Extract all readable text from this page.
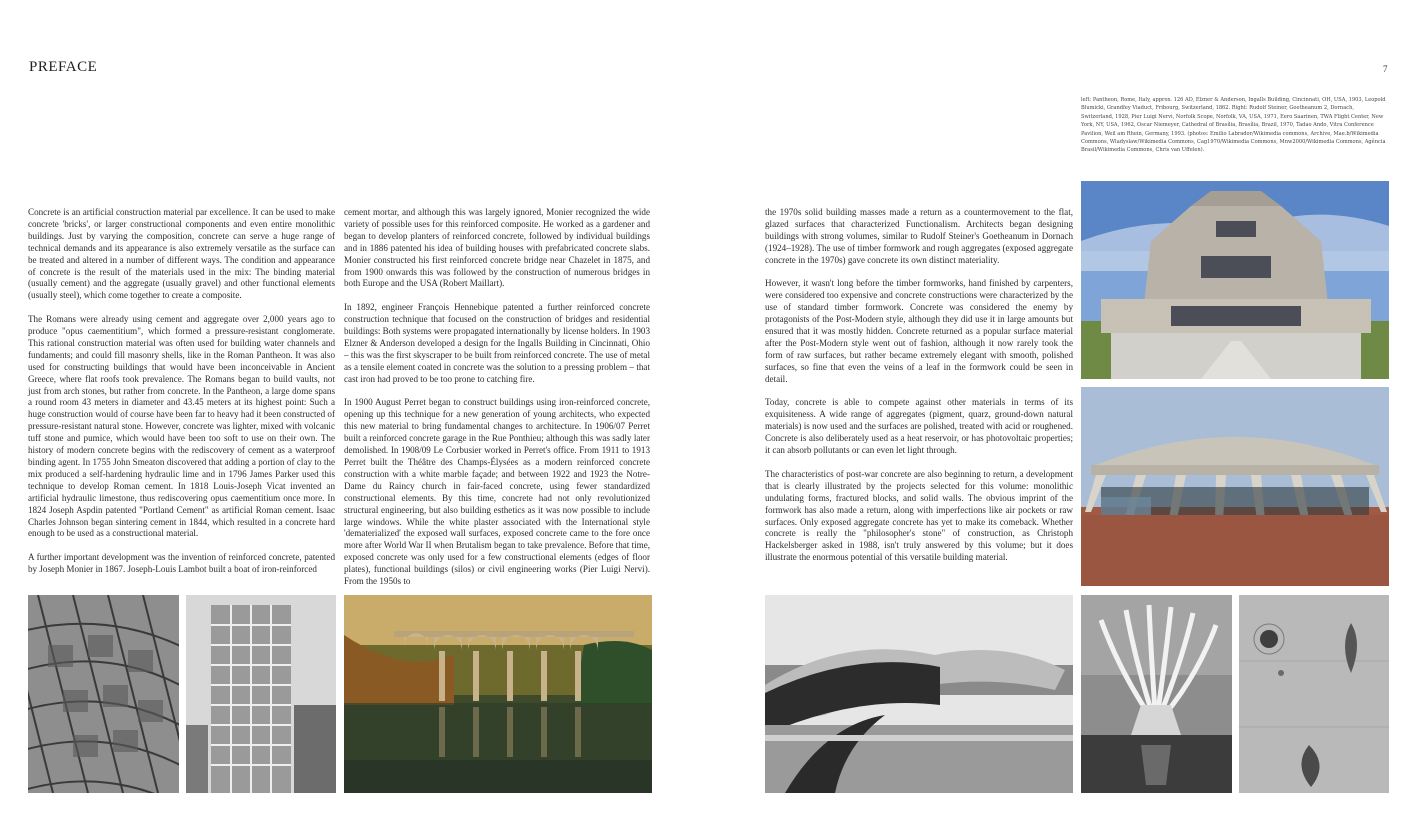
PREFACE	7
left: Pantheon, Rome, Italy, approx. 126 AD, Elzner & Anderson, Ingalls Building, Cincinnati, OH, USA, 1903, Leopold Blumicki, Grandfey Viaduct, Fribourg, Switzerland, 1862. Right: Rudolf Steiner, Goetheanum 2, Dornach, Switzerland, 1928, Pier Luigi Nervi, Norfolk Scope, Norfolk, VA, USA, 1971, Eero Saarinen, TWA Flight Center, New York, NY, USA, 1962, Oscar Niemeyer, Cathedral of Brasília, Brasília, Brazil, 1970, Tadao Ando, Vitra Conference Pavilion, Weil am Rhein, Germany, 1993. (photos: Emilio Labrador/Wikimedia commons, Archive, Mae.b/Wikimedia Commons, Wladyslaw/Wikimedia Commons, Cag1970/Wikimedia Commons, Mnw2000/Wikimedia Commons, Agência Brasil/Wikimedia Commons, Chris van Uffelen).

Concrete is an artificial construction material par excellence. It can be used to make concrete 'bricks', or larger constructional components and even entire monolithic buildings. Just by varying the composition, concrete can serve a huge range of technical demands and its appearance is also extremely versatile as the surface can be treated and altered in a number of different ways. The condition and appearance of concrete is the result of the materials used in the mix: The binding material (usually cement) and the aggregate (usually gravel) and other functional elements (usually steel), which come together to create a composite.

The Romans were already using cement and aggregate over 2,000 years ago to produce "opus caementitium", which formed a pressure-resistant conglomerate. This rational construction material was often used for building water channels and fundaments; and could fill masonry shells, like in the Roman Pantheon. It was also used for constructing buildings that would have been inconceivable in Ancient Greece, where flat roofs took prevalence. The Romans began to build vaults, not just from arch stones, but rather from concrete. In the Pantheon, a large dome spans a round room 43 meters in diameter and 43.45 meters at its highest point: Such a huge construction would of course have been far to heavy had it been constructed of pressure-resistant natural stone. However, concrete was lighter, mixed with volcanic tuff stone and pumice, which would have been too soft to use on their own. The history of modern concrete begins with the rediscovery of cement as a waterproof binding agent. In 1755 John Smeaton discovered that adding a portion of clay to the mix produced a self-hardening hydraulic lime and in 1796 James Parker used this technique to develop Roman cement. In 1818 Louis-Joseph Vicat invented an artificial hydraulic limestone, thus rediscovering opus caementitium once more. In 1824 Joseph Aspdin patented "Portland Cement" as artificial Roman cement. Isaac Charles Johnson began sintering cement in 1844, which resulted in a concrete hard enough to be used as a constructional material.

A further important development was the invention of reinforced concrete, patented by Joseph Monier in 1867. Joseph-Louis Lambot built a boat of iron-reinforced

cement mortar, and although this was largely ignored, Monier recognized the wide variety of possible uses for this reinforced composite. He worked as a gardener and began to develop planters of reinforced concrete, followed by individual buildings and in 1886 patented his idea of building houses with prefabricated concrete slabs. Monier constructed his first reinforced concrete bridge near Chazelet in 1875, and from 1900 onwards this was followed by the construction of numerous bridges in both Europe and the USA (Robert Maillart).

In 1892, engineer François Hennebique patented a further reinforced concrete construction technique that focused on the construction of bridges and residential buildings: Both systems were propagated internationally by license holders. In 1903 Elzner & Anderson developed a design for the Ingalls Building in Cincinnati, Ohio – this was the first skyscraper to be built from reinforced concrete. The use of metal as a tensile element coated in concrete was the solution to a pressing problem – that cast iron had proved to be too prone to catching fire.

In 1900 August Perret began to construct buildings using iron-reinforced concrete, opening up this technique for a new generation of young architects, who expected this new material to bring fundamental changes to architecture. In 1906/07 Perret built a reinforced concrete garage in the Rue Ponthieu; although this was sadly later demolished. In 1908/09 Le Corbusier worked in Perret's office. From 1911 to 1913 Perret built the Théâtre des Champs-Élysées as a modern reinforced concrete construction with a white marble façade; and between 1922 and 1923 the Notre-Dame du Raincy church in fair-faced concrete, using fewer standardized constructional elements. By this time, concrete had not only revolutionized structural engineering, but also building esthetics as it was now possible to include large windows. While the white plaster associated with the International style 'dematerialized' the exposed wall surfaces, exposed concrete came to the fore once more after World War II when Brutalism began to take prevalence. Before that time, exposed concrete was only used for a few constructional elements (edges of floor plates), functional buildings (silos) or civil engineering works (Pier Luigi Nervi). From the 1950s to

the 1970s solid building masses made a return as a countermovement to the flat, glazed surfaces that characterized Functionalism. Architects began designing buildings with strong volumes, similar to Rudolf Steiner's Goetheanum in Dornach (1924–1928). The use of timber formwork and rough aggregates (exposed aggregate concrete in the 1970s) gave concrete its own distinct materiality.

However, it wasn't long before the timber formworks, hand finished by carpenters, were considered too expensive and concrete constructions were characterized by the use of standard timber formwork. Concrete was considered the enemy by protagonists of the Post-Modern style, although they did use it in large amounts but ensured that it was mostly hidden. Concrete returned as a popular surface material after the Post-Modern style went out of fashion, although it now rarely took the form of raw surfaces, but rather became extremely elegant with smooth, polished surfaces, so fine that even the veins of a leaf in the formwork could be seen in detail.

Today, concrete is able to compete against other materials in terms of its exquisiteness. A wide range of aggregates (pigment, quarz, ground-down natural materials) is now used and the surfaces are polished, treated with acid or roughened. Concrete is also deliberately used as a heat reservoir, or has photovoltaic properties; it can absorb pollutants or can even let light through.

The characteristics of post-war concrete are also beginning to return, a development that is clearly illustrated by the projects selected for this volume: monolithic undulating forms, fractured blocks, and solid walls. The obvious imprint of the formwork has also made a return, along with imperfections like air pockets or raw surfaces. Only exposed aggregate concrete has yet to make its comeback. Whether concrete is really the "philosopher's stone" of construction, as Christoph Hackelsberger asked in 1988, isn't truly answered by this volume; but it does illustrate the enormous potential of this versatile building material.
